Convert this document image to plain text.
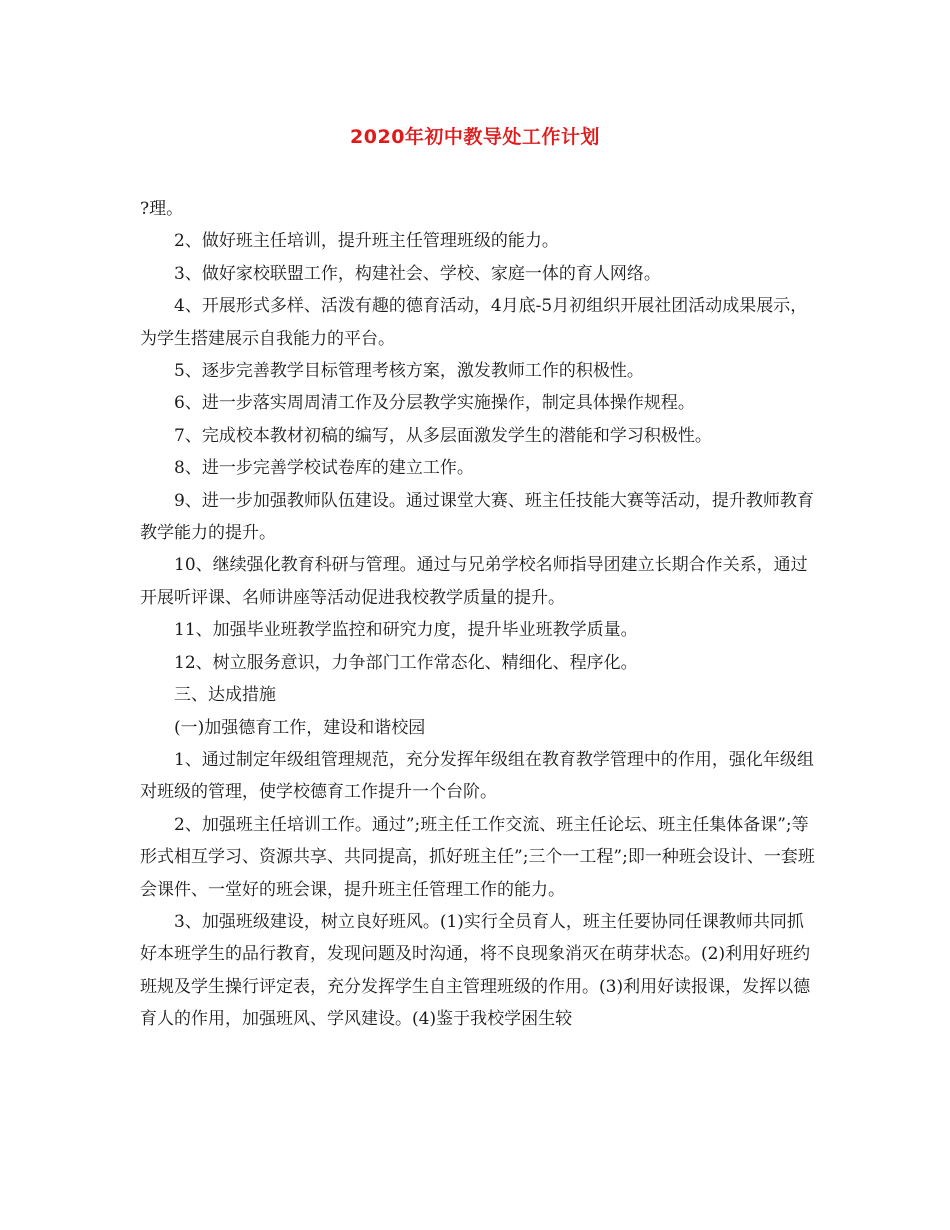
2020年初中教导处工作计划

?理。

2、做好班主任培训，提升班主任管理班级的能力。

3、做好家校联盟工作，构建社会、学校、家庭一体的育人网络。

4、开展形式多样、活泼有趣的德育活动，4月底-5月初组织开展社团活动成果展示，为学生搭建展示自我能力的平台。

5、逐步完善教学目标管理考核方案，激发教师工作的积极性。

6、进一步落实周周清工作及分层教学实施操作，制定具体操作规程。

7、完成校本教材初稿的编写，从多层面激发学生的潜能和学习积极性。

8、进一步完善学校试卷库的建立工作。

9、进一步加强教师队伍建设。通过课堂大赛、班主任技能大赛等活动，提升教师教育教学能力的提升。

10、继续强化教育科研与管理。通过与兄弟学校名师指导团建立长期合作关系，通过开展听评课、名师讲座等活动促进我校教学质量的提升。

11、加强毕业班教学监控和研究力度，提升毕业班教学质量。

12、树立服务意识，力争部门工作常态化、精细化、程序化。

三、达成措施

(一)加强德育工作，建设和谐校园

1、通过制定年级组管理规范，充分发挥年级组在教育教学管理中的作用，强化年级组对班级的管理，使学校德育工作提升一个台阶。

2、加强班主任培训工作。通过”;班主任工作交流、班主任论坛、班主任集体备课”;等形式相互学习、资源共享、共同提高，抓好班主任”;三个一工程”;即一种班会设计、一套班会课件、一堂好的班会课，提升班主任管理工作的能力。

3、加强班级建设，树立良好班风。(1)实行全员育人，班主任要协同任课教师共同抓好本班学生的品行教育，发现问题及时沟通，将不良现象消灭在萌芽状态。(2)利用好班约班规及学生操行评定表，充分发挥学生自主管理班级的作用。(3)利用好读报课，发挥以德育人的作用，加强班风、学风建设。(4)鉴于我校学困生较
